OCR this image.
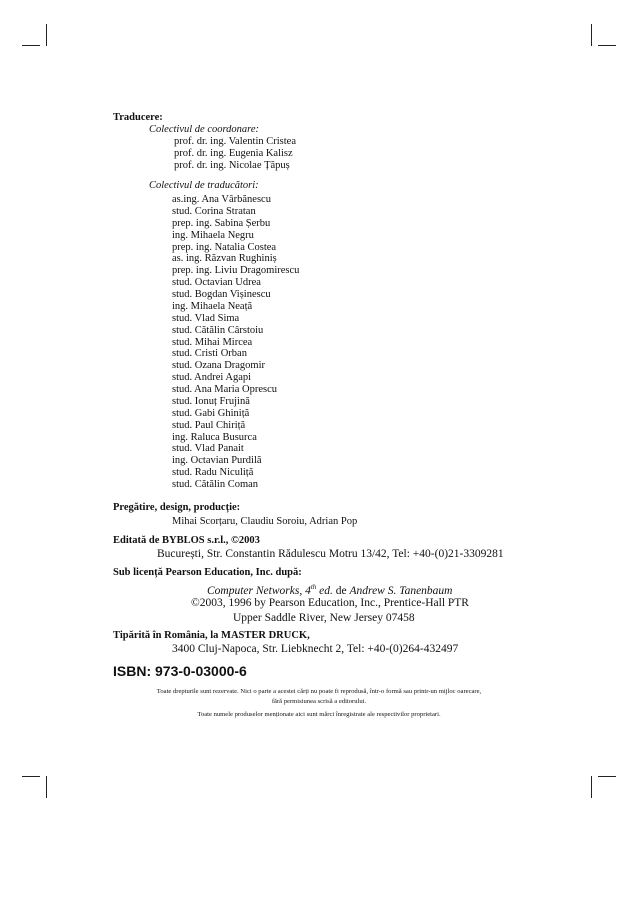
Traducere:
Colectivul de coordonare:
prof. dr. ing. Valentin Cristea
prof. dr. ing. Eugenia Kalisz
prof. dr. ing. Nicolae Țăpuș
Colectivul de traducători:
as.ing. Ana Vârbănescu
stud. Corina Stratan
prep. ing. Sabina Șerbu
ing. Mihaela Negru
prep. ing. Natalia Costea
as. ing. Răzvan Rughiniș
prep. ing. Liviu Dragomirescu
stud. Octavian Udrea
stud. Bogdan Vișinescu
ing. Mihaela Neață
stud. Vlad Sima
stud. Cătălin Cârstoiu
stud. Mihai Mircea
stud. Cristi Orban
stud. Ozana Dragomir
stud. Andrei Agapi
stud. Ana Maria Oprescu
stud. Ionuț Frujină
stud. Gabi Ghiniță
stud. Paul Chiriță
ing. Raluca Busurca
stud. Vlad Panait
ing. Octavian Purdilă
stud. Radu Niculiță
stud. Cătălin Coman
Pregătire, design, producție:
Mihai Scorțaru, Claudiu Soroiu, Adrian Pop
Editată de BYBLOS s.r.l., ©2003
București, Str. Constantin Rădulescu Motru 13/42, Tel: +40-(0)21-3309281
Sub licență Pearson Education, Inc. după:
Computer Networks, 4th ed. de Andrew S. Tanenbaum
©2003, 1996 by Pearson Education, Inc., Prentice-Hall PTR
Upper Saddle River, New Jersey 07458
Tipărită în România, la MASTER DRUCK,
3400 Cluj-Napoca, Str. Liebknecht 2, Tel: +40-(0)264-432497
ISBN: 973-0-03000-6
Toate drepturile sunt rezervate. Nici o parte a acestei cărți nu poate fi reprodusă, într-o formă sau printr-un mijloc oarecare,
fără permisiunea scrisă a editorului.
Toate numele produselor menționate aici sunt mărci înregistrate ale respectivilor proprietari.
